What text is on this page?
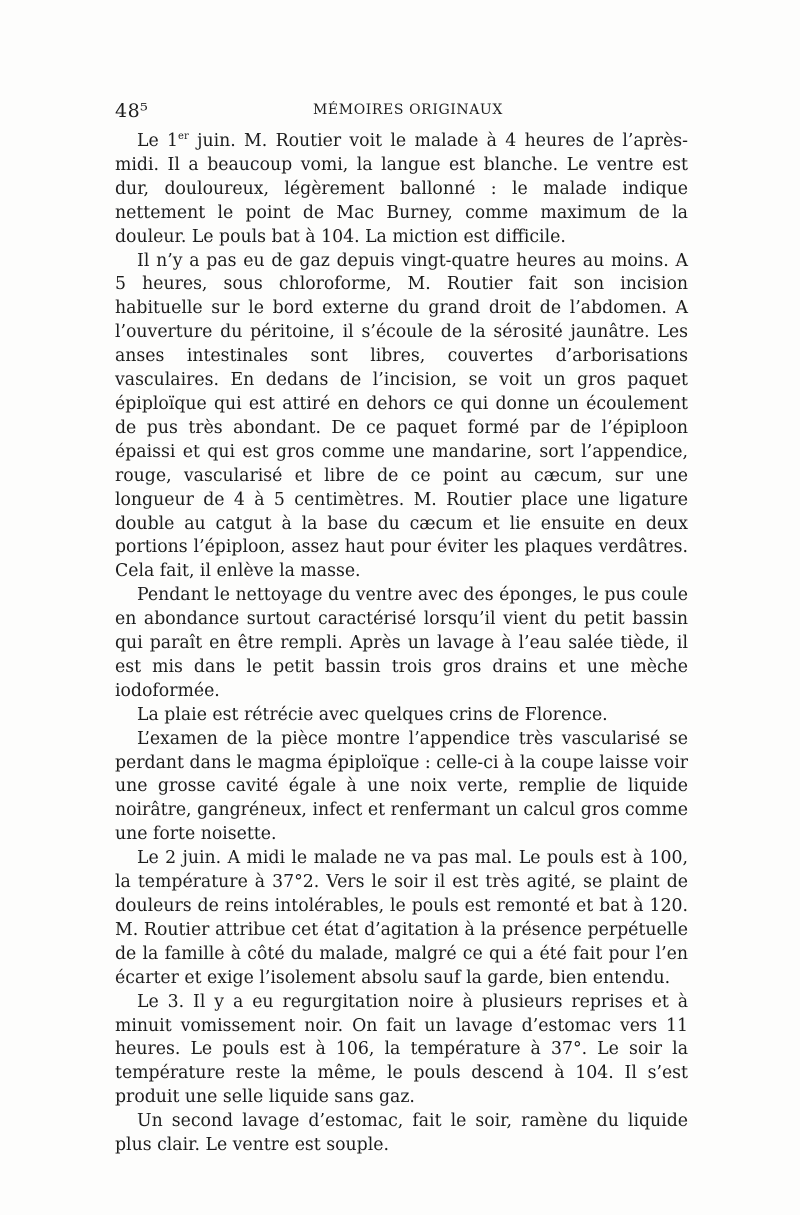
48⁵	MÉMOIRES ORIGINAUX

Le 1er juin. M. Routier voit le malade à 4 heures de l’après-midi. Il a beaucoup vomi, la langue est blanche. Le ventre est dur, douloureux, légèrement ballonné : le malade indique nettement le point de Mac Burney, comme maximum de la douleur. Le pouls bat à 104. La miction est difficile.

Il n’y a pas eu de gaz depuis vingt-quatre heures au moins. A 5 heures, sous chloroforme, M. Routier fait son incision habituelle sur le bord externe du grand droit de l’abdomen. A l’ouverture du péritoine, il s’écoule de la sérosité jaunâtre. Les anses intestinales sont libres, couvertes d’arborisations vasculaires. En dedans de l’incision, se voit un gros paquet épiploïque qui est attiré en dehors ce qui donne un écoulement de pus très abondant. De ce paquet formé par de l’épiploon épaissi et qui est gros comme une mandarine, sort l’appendice, rouge, vascularisé et libre de ce point au cæcum, sur une longueur de 4 à 5 centimètres. M. Routier place une ligature double au catgut à la base du cæcum et lie ensuite en deux portions l’épiploon, assez haut pour éviter les plaques verdâtres. Cela fait, il enlève la masse.

Pendant le nettoyage du ventre avec des éponges, le pus coule en abondance surtout caractérisé lorsqu’il vient du petit bassin qui paraît en être rempli. Après un lavage à l’eau salée tiède, il est mis dans le petit bassin trois gros drains et une mèche iodoformée.

La plaie est rétrécie avec quelques crins de Florence.

L’examen de la pièce montre l’appendice très vascularisé se perdant dans le magma épiploïque : celle-ci à la coupe laisse voir une grosse cavité égale à une noix verte, remplie de liquide noirâtre, gangréneux, infect et renfermant un calcul gros comme une forte noisette.

Le 2 juin. A midi le malade ne va pas mal. Le pouls est à 100, la température à 37°2. Vers le soir il est très agité, se plaint de douleurs de reins intolérables, le pouls est remonté et bat à 120. M. Routier attribue cet état d’agitation à la présence perpétuelle de la famille à côté du malade, malgré ce qui a été fait pour l’en écarter et exige l’isolement absolu sauf la garde, bien entendu.

Le 3. Il y a eu regurgitation noire à plusieurs reprises et à minuit vomissement noir. On fait un lavage d’estomac vers 11 heures. Le pouls est à 106, la température à 37°. Le soir la température reste la même, le pouls descend à 104. Il s’est produit une selle liquide sans gaz.

Un second lavage d’estomac, fait le soir, ramène du liquide plus clair. Le ventre est souple.
